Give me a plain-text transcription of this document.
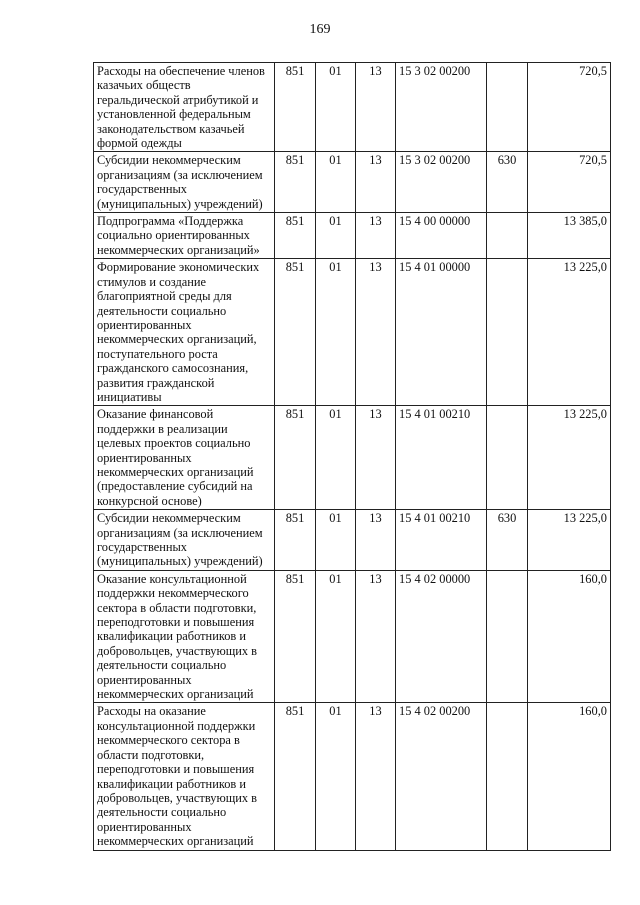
169
Расходы на обеспечение членов казачьих обществ геральдической атрибутикой и установленной федеральным законодательством казачьей формой одежды	851	01	13	15 3 02 00200		720,5
Субсидии некоммерческим организациям (за исключением государственных (муниципальных) учреждений)	851	01	13	15 3 02 00200	630	720,5
Подпрограмма «Поддержка социально ориентированных некоммерческих организаций»	851	01	13	15 4 00 00000		13 385,0
Формирование экономических стимулов и создание благоприятной среды для деятельности социально ориентированных некоммерческих организаций, поступательного роста гражданского самосознания, развития гражданской инициативы	851	01	13	15 4 01 00000		13 225,0
Оказание финансовой поддержки в реализации целевых проектов социально ориентированных некоммерческих организаций (предоставление субсидий на конкурсной основе)	851	01	13	15 4 01 00210		13 225,0
Субсидии некоммерческим организациям (за исключением государственных (муниципальных) учреждений)	851	01	13	15 4 01 00210	630	13 225,0
Оказание консультационной поддержки некоммерческого сектора в области подготовки, переподготовки и повышения квалификации работников и добровольцев, участвующих в деятельности социально ориентированных некоммерческих организаций	851	01	13	15 4 02 00000		160,0
Расходы на оказание консультационной поддержки некоммерческого сектора в области подготовки, переподготовки и повышения квалификации работников и добровольцев, участвующих в деятельности социально ориентированных некоммерческих организаций	851	01	13	15 4 02 00200		160,0
